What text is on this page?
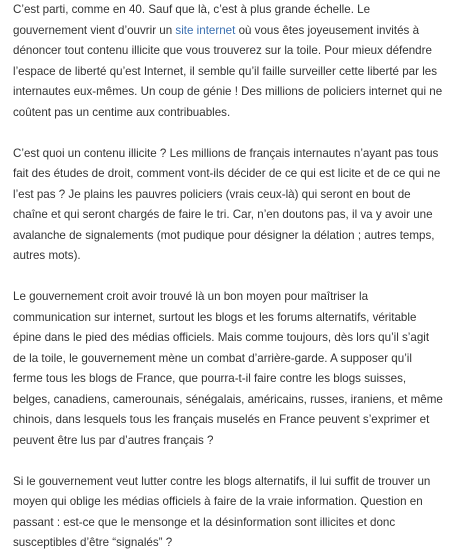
C’est parti, comme en 40. Sauf que là, c’est à plus grande échelle. Le gouvernement vient d’ouvrir un site internet où vous êtes joyeusement invités à dénoncer tout contenu illicite que vous trouverez sur la toile. Pour mieux défendre l’espace de liberté qu’est Internet, il semble qu’il faille surveiller cette liberté par les internautes eux-mêmes. Un coup de génie ! Des millions de policiers internet qui ne coûtent pas un centime aux contribuables.

C’est quoi un contenu illicite ? Les millions de français internautes n’ayant pas tous fait des études de droit, comment vont-ils décider de ce qui est licite et de ce qui ne l’est pas ? Je plains les pauvres policiers (vrais ceux-là) qui seront en bout de chaîne et qui seront chargés de faire le tri. Car, n’en doutons pas, il va y avoir une avalanche de signalements (mot pudique pour désigner la délation ; autres temps, autres mots).

Le gouvernement croit avoir trouvé là un bon moyen pour maîtriser la communication sur internet, surtout les blogs et les forums alternatifs, véritable épine dans le pied des médias officiels. Mais comme toujours, dès lors qu’il s’agit de la toile, le gouvernement mène un combat d’arrière-garde. A supposer qu’il ferme tous les blogs de France, que pourra-t-il faire contre les blogs suisses, belges, canadiens, camerounais, sénégalais, américains, russes, iraniens, et même chinois, dans lesquels tous les français muselés en France peuvent s’exprimer et peuvent être lus par d’autres français ?

Si le gouvernement veut lutter contre les blogs alternatifs, il lui suffit de trouver un moyen qui oblige les médias officiels à faire de la vraie information. Question en passant : est-ce que le mensonge et la désinformation sont illicites et donc susceptibles d’être “signalés” ?
